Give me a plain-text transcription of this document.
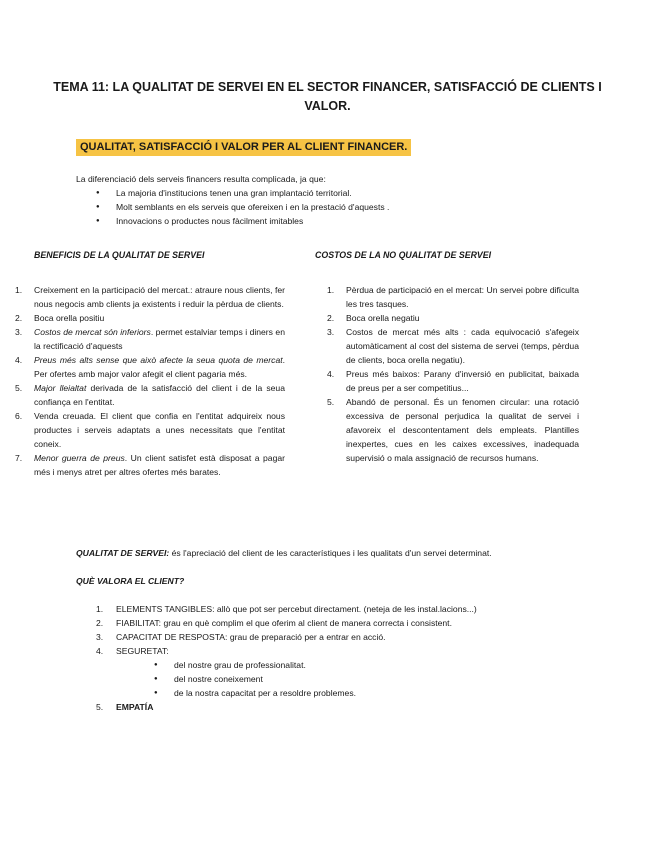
TEMA 11: LA QUALITAT DE SERVEI EN EL SECTOR FINANCER, SATISFACCIÓ DE CLIENTS I VALOR.
QUALITAT, SATISFACCIÓ I VALOR PER AL CLIENT FINANCER.
La diferenciació dels serveis financers resulta complicada, ja que:
● La majoria d'institucions tenen una gran implantació territorial.
● Molt semblants en els serveis que ofereixen i en la prestació d'aquests .
● Innovacions o productes nous fàcilment imitables
BENEFICIS DE LA QUALITAT DE SERVEI	COSTOS DE LA NO QUALITAT DE SERVEI
1. Creixement en la participació del mercat.: atraure nous clients, fer nous negocis amb clients ja existents i reduir la pèrdua de clients.
2. Boca orella positiu
3. Costos de mercat són inferiors. permet estalviar temps i diners en la rectificació d'aquests
4. Preus més alts sense que això afecte la seua quota de mercat. Per ofertes amb major valor afegit el client pagaria més.
5. Major lleialtat derivada de la satisfacció del client i de la seua confiança en l'entitat.
6. Venda creuada. El client que confia en l'entitat adquireix nous productes i serveis adaptats a unes necessitats que l'entitat coneix.
7. Menor guerra de preus. Un client satisfet està disposat a pagar més i menys atret per altres ofertes més barates.
1. Pèrdua de participació en el mercat: Un servei pobre dificulta les tres tasques.
2. Boca orella negatiu
3. Costos de mercat més alts : cada equivocació s'afegeix automàticament al cost del sistema de servei (temps, pèrdua de clients, boca orella negatiu).
4. Preus més baixos: Parany d'inversió en publicitat, baixada de preus per a ser competitius...
5. Abandó de personal. És un fenomen circular: una rotació excessiva de personal perjudica la qualitat de servei i afavoreix el descontentament dels empleats. Plantilles inexpertes, cues en les caixes excessives, inadequada supervisió o mala assignació de recursos humans.
QUALITAT DE SERVEI: és l'apreciació del client de les característiques i les qualitats d'un servei determinat.
QUÈ VALORA EL CLIENT?
1. ELEMENTS TANGIBLES: allò que pot ser percebut directament. (neteja de les instal.lacions...)
2. FIABILITAT: grau en què complim el que oferim al client de manera correcta i consistent.
3. CAPACITAT DE RESPOSTA: grau de preparació per a entrar en acció.
4. SEGURETAT:
● del nostre grau de professionalitat.
● del nostre coneixement
● de la nostra capacitat per a resoldre problemes.
5. EMPATÍA
